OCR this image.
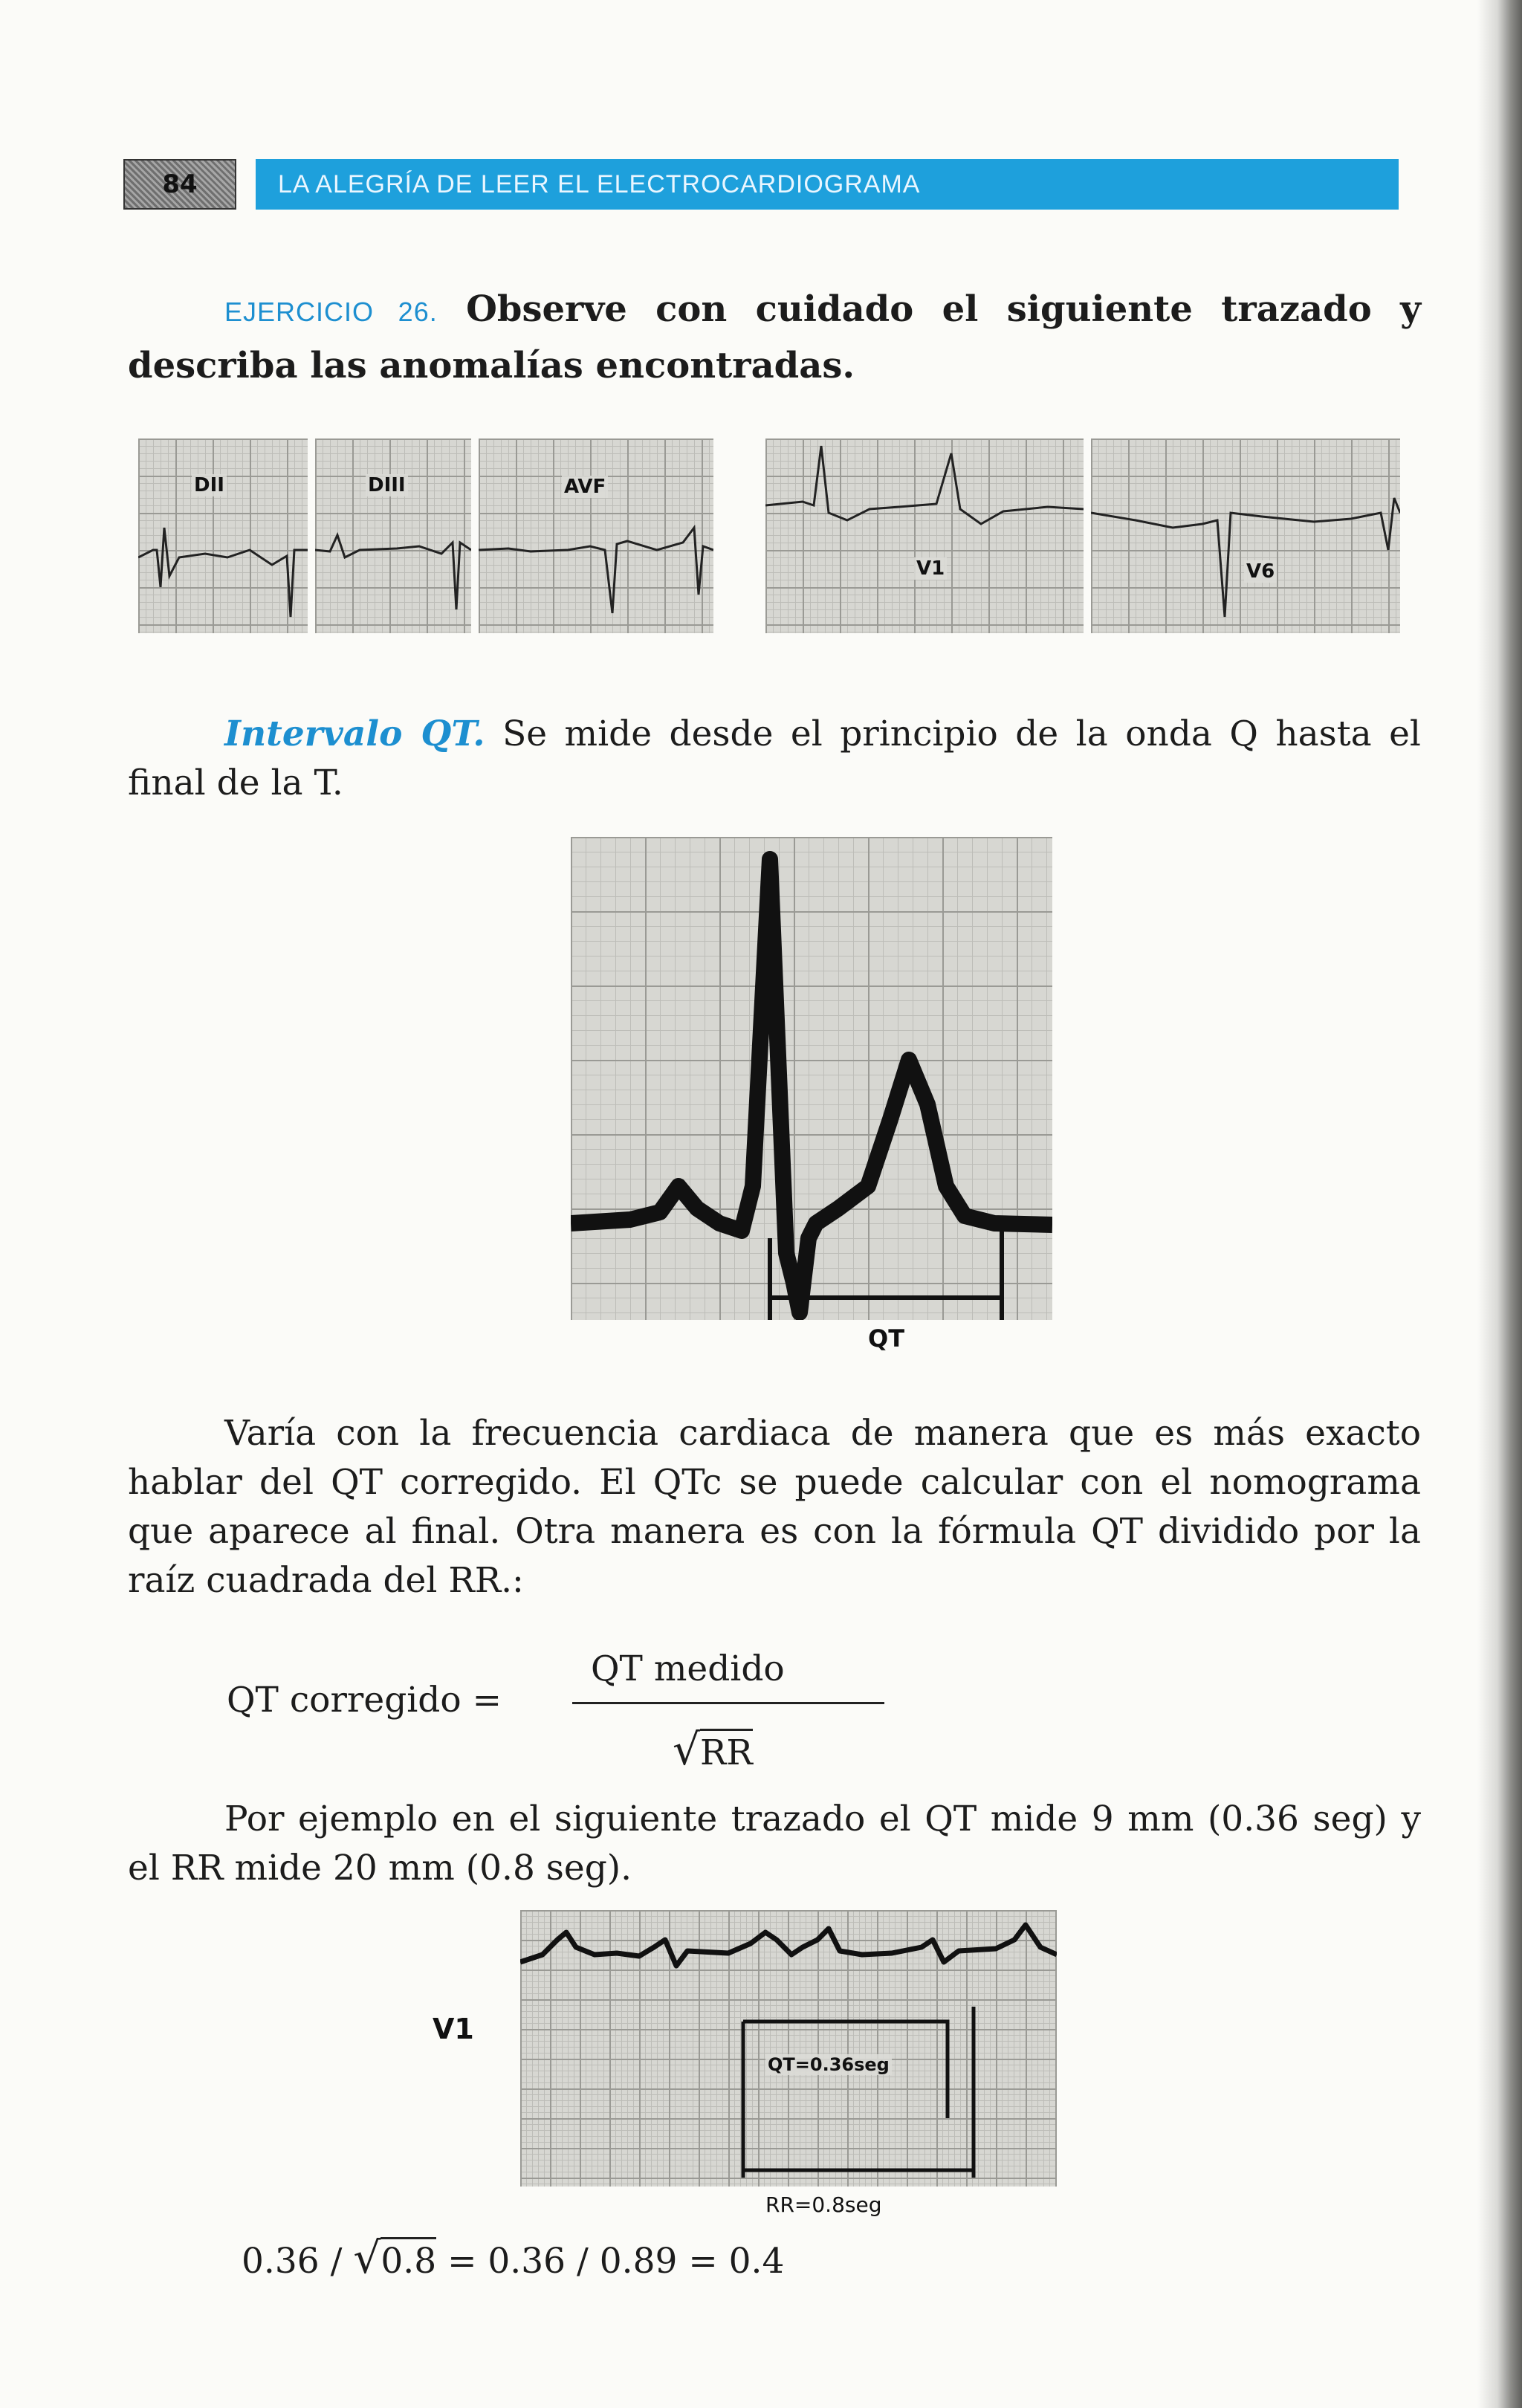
84	LA ALEGRÍA DE LEER EL ELECTROCARDIOGRAMA
EJERCICIO 26. Observe con cuidado el siguiente trazado y describa las anomalías encontradas.
DII	DIII	AVF
V1	V6
Intervalo QT. Se mide desde el principio de la onda Q hasta el final de la T.
QT
Varía con la frecuencia cardiaca de manera que es más exacto hablar del QT corregido. El QTc se puede calcular con el nomograma que aparece al final. Otra manera es con la fórmula QT dividido por la raíz cuadrada del RR.:
QT corregido =
QT medido
√RR
Por ejemplo en el siguiente trazado el QT mide 9 mm (0.36 seg) y el RR mide 20 mm (0.8 seg).
QT=0.36seg
V1
RR=0.8seg
0.36 / √0.8 = 0.36 / 0.89 = 0.4
